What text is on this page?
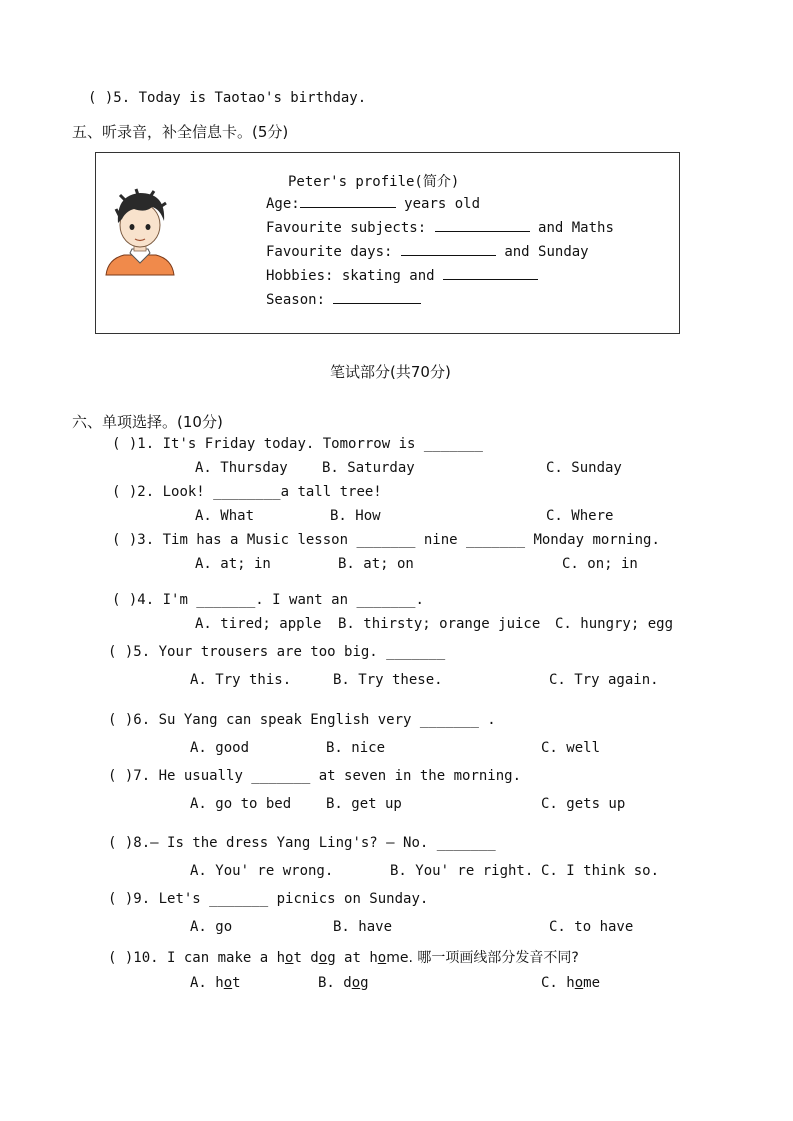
( )5. Today is Taotao's birthday.
五、听录音，补全信息卡。(5分)
Peter's profile(简介)
Age:	years old
Favourite subjects:	and Maths
Favourite days:	and Sunday
Hobbies: skating and
Season:
笔试部分(共70分)
六、单项选择。(10分)
( )1. It's Friday today. Tomorrow is _______
A. Thursday B. Saturday	C. Sunday
( )2. Look! ________a tall tree!
A. What	B. How	C. Where
( )3. Tim has a Music lesson _______ nine _______ Monday morning.
A. at; in	B. at; on	C. on; in
( )4. I'm _______. I want an _______.
A. tired; apple B. thirsty; orange juice C. hungry; egg
( )5. Your trousers are too big. _______
A. Try this.	B. Try these.	C. Try again.
( )6. Su Yang can speak English very _______ .
A. good	B. nice	C. well
( )7. He usually _______ at seven in the morning.
A. go to bed B. get up	C. gets up
( )8.— Is the dress Yang Ling's? — No. _______
A. You' re wrong.	B. You' re right. C. I think so.
( )9. Let's _______ picnics on Sunday.
A. go	B. have	C. to have
( )10. I can make a hot dog at home. 哪一项画线部分发音不同?
A. hot	B. dog	C. home
